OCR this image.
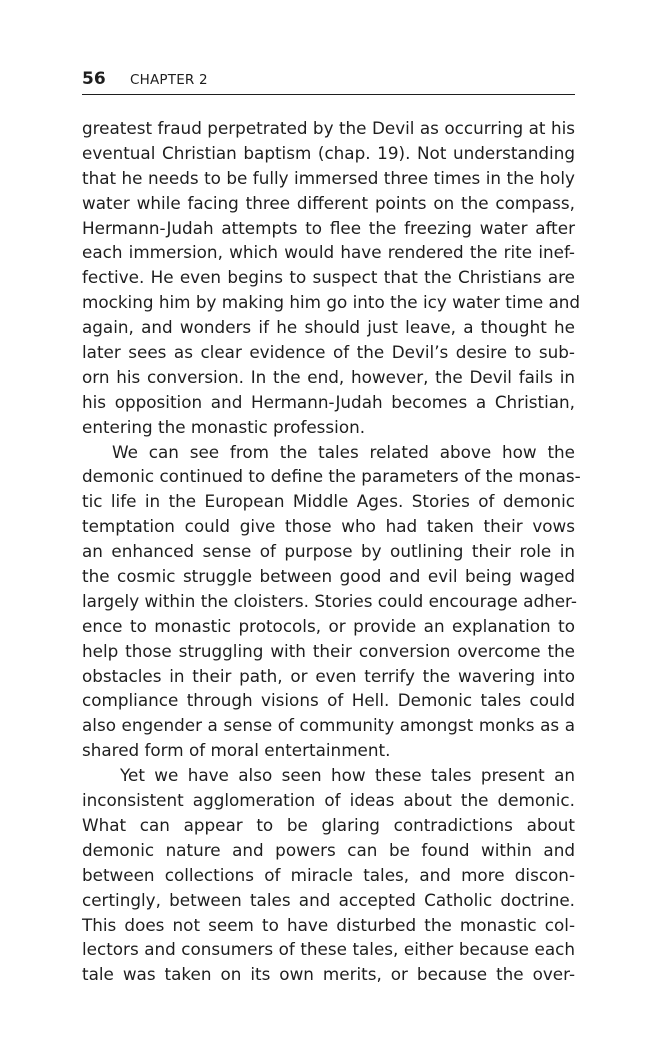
56 CHAPTER 2
greatest fraud perpetrated by the Devil as occurring at his
eventual Christian baptism (chap. 19). Not understanding
that he needs to be fully immersed three times in the holy
water while facing three different points on the compass,
Hermann-Judah attempts to flee the freezing water after
each immersion, which would have rendered the rite inef-
fective. He even begins to suspect that the Christians are
mocking him by making him go into the icy water time and
again, and wonders if he should just leave, a thought he
later sees as clear evidence of the Devil’s desire to sub-
orn his conversion. In the end, however, the Devil fails in
his opposition and Hermann-Judah becomes a Christian,
entering the monastic profession.
We can see from the tales related above how the
demonic continued to define the parameters of the monas-
tic life in the European Middle Ages. Stories of demonic
temptation could give those who had taken their vows
an enhanced sense of purpose by outlining their role in
the cosmic struggle between good and evil being waged
largely within the cloisters. Stories could encourage adher-
ence to monastic protocols, or provide an explanation to
help those struggling with their conversion overcome the
obstacles in their path, or even terrify the wavering into
compliance through visions of Hell. Demonic tales could
also engender a sense of community amongst monks as a
shared form of moral entertainment.
Yet we have also seen how these tales present an
inconsistent agglomeration of ideas about the demonic.
What can appear to be glaring contradictions about
demonic nature and powers can be found within and
between collections of miracle tales, and more discon-
certingly, between tales and accepted Catholic doctrine.
This does not seem to have disturbed the monastic col-
lectors and consumers of these tales, either because each
tale was taken on its own merits, or because the over-
